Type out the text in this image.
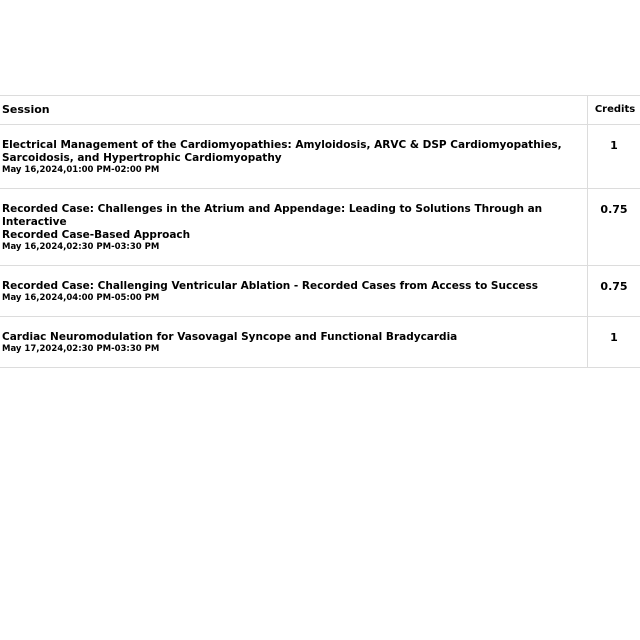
Session	Credits
Electrical Management of the Cardiomyopathies: Amyloidosis, ARVC & DSP Cardiomyopathies,
Sarcoidosis, and Hypertrophic Cardiomyopathy
May 16,2024,01:00 PM-02:00 PM
1
Recorded Case: Challenges in the Atrium and Appendage: Leading to Solutions Through an Interactive
Recorded Case-Based Approach
May 16,2024,02:30 PM-03:30 PM
0.75
Recorded Case: Challenging Ventricular Ablation - Recorded Cases from Access to Success
May 16,2024,04:00 PM-05:00 PM
0.75
Cardiac Neuromodulation for Vasovagal Syncope and Functional Bradycardia
May 17,2024,02:30 PM-03:30 PM
1
